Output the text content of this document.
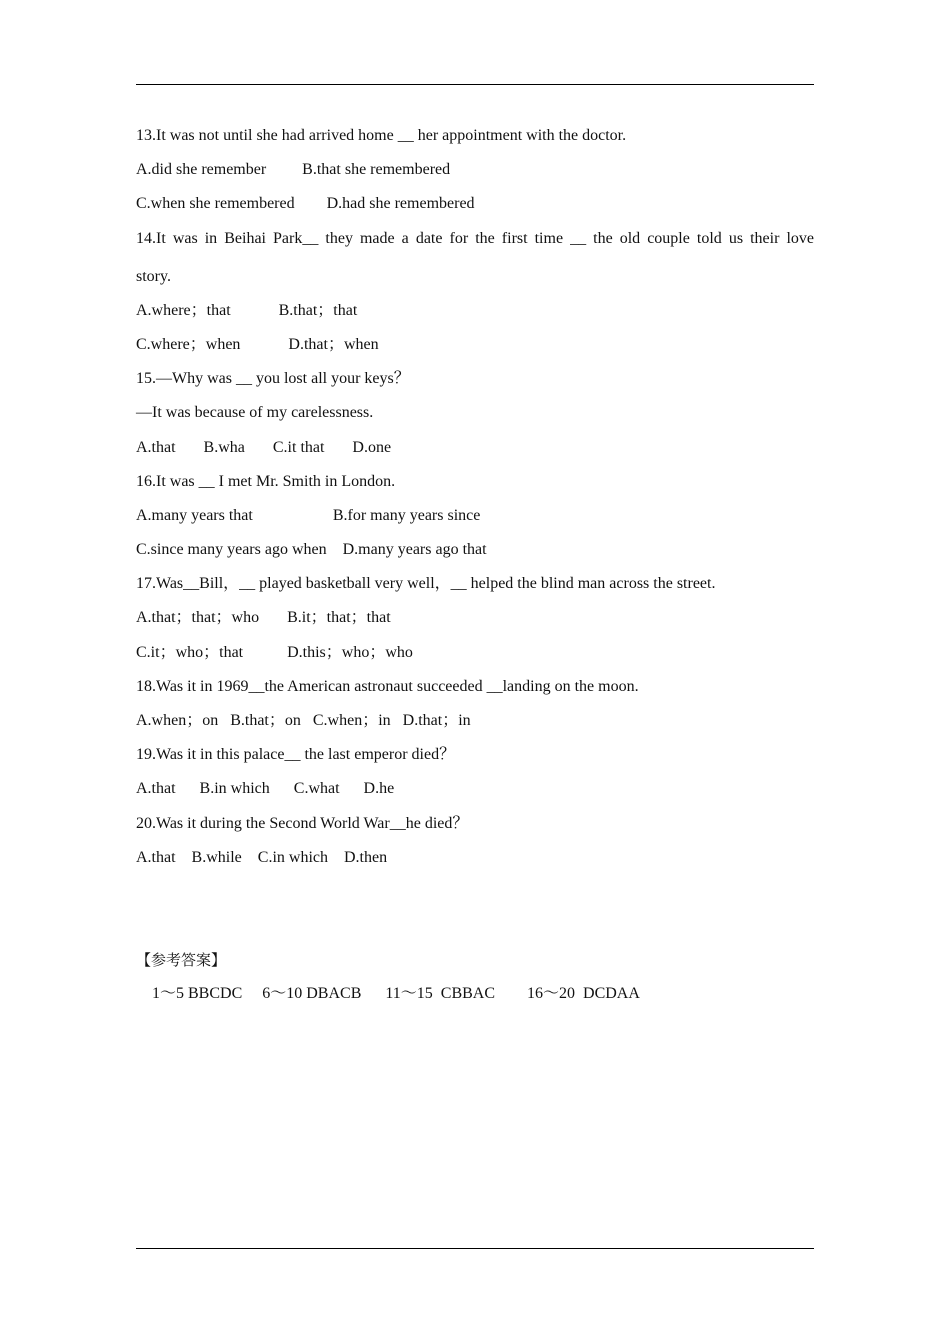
13.It was not until she had arrived home __ her appointment with the doctor.
A.did she remember         B.that she remembered
C.when she remembered        D.had she remembered
14.It was in Beihai Park__ they made a date for the first time __ the old couple told us their love
story.
A.where；that            B.that；that
C.where；when            D.that；when
15.—Why was __ you lost all your keys？
—It was because of my carelessness.
A.that       B.wha       C.it that       D.one
16.It was __ I met Mr. Smith in London.
A.many years that                    B.for many years since
C.since many years ago when    D.many years ago that
17.Was__Bill，__ played basketball very well，__ helped the blind man across the street.
A.that；that；who       B.it；that；that
C.it；who；that           D.this；who；who
18.Was it in 1969__the American astronaut succeeded __landing on the moon.
A.when；on   B.that；on   C.when；in   D.that；in
19.Was it in this palace__ the last emperor died？
A.that      B.in which      C.what      D.he
20.Was it during the Second World War__he died？
A.that    B.while    C.in which    D.then
【参考答案】
1～5 BBCDC     6～10 DBACB      11～15  CBBAC        16～20  DCDAA
